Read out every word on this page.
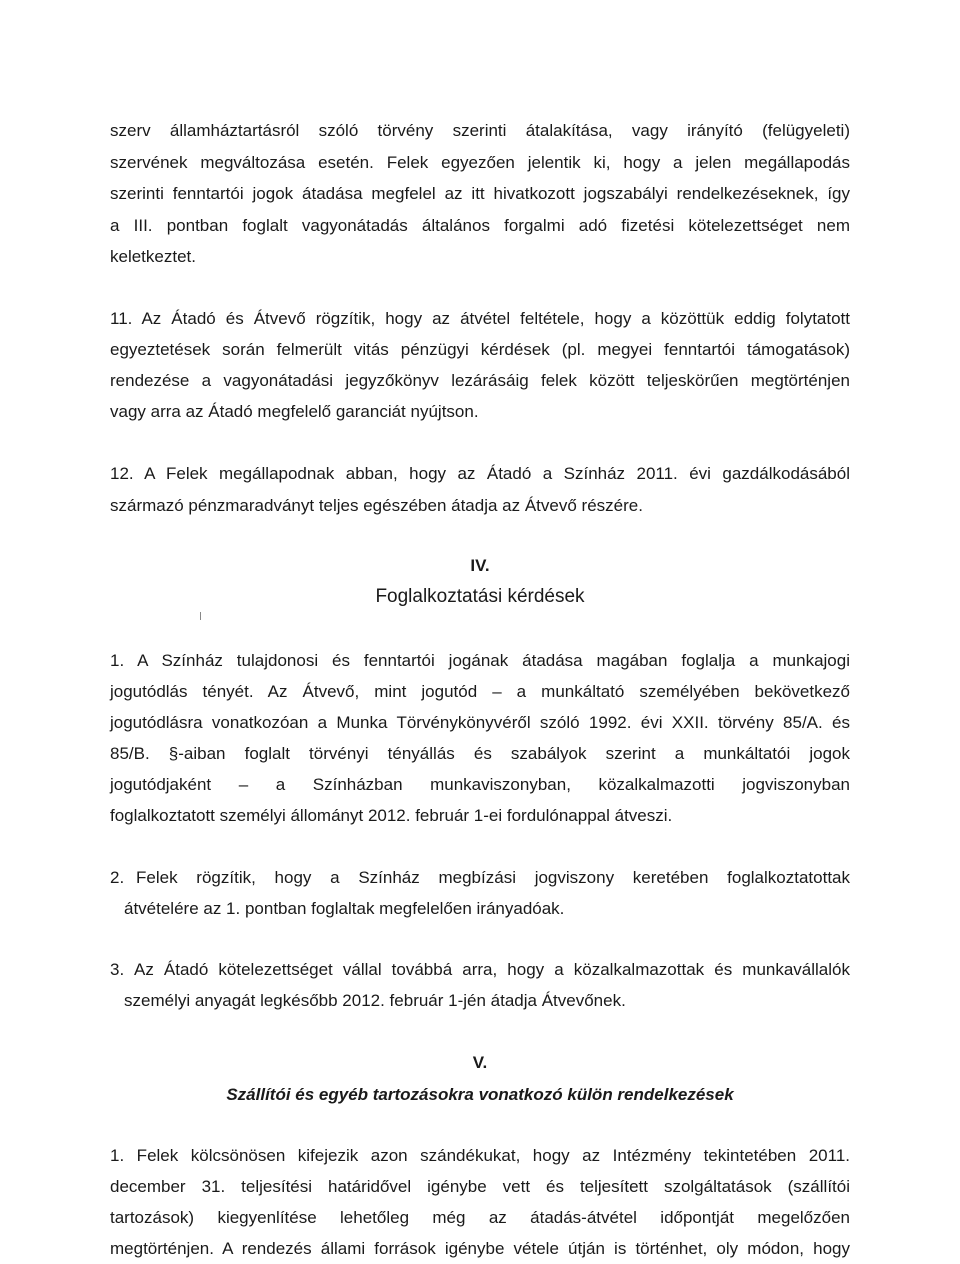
szerv államháztartásról szóló törvény szerinti átalakítása, vagy irányító (felügyeleti)
szervének megváltozása esetén. Felek egyezően jelentik ki, hogy a jelen megállapodás
szerinti fenntartói jogok átadása megfelel az itt hivatkozott jogszabályi rendelkezéseknek, így
a III. pontban foglalt vagyonátadás általános forgalmi adó fizetési kötelezettséget nem
keletkeztet.
11. Az Átadó és Átvevő rögzítik, hogy az átvétel feltétele, hogy a közöttük eddig folytatott
egyeztetések során felmerült vitás pénzügyi kérdések (pl. megyei fenntartói támogatások)
rendezése a vagyonátadási jegyzőkönyv lezárásáig felek között teljeskörűen megtörténjen
vagy arra az Átadó megfelelő garanciát nyújtson.
12. A Felek megállapodnak abban, hogy az Átadó a Színház 2011. évi gazdálkodásából
származó pénzmaradványt teljes egészében átadja az Átvevő részére.
IV.
Foglalkoztatási kérdések
1. A Színház tulajdonosi és fenntartói jogának átadása magában foglalja a munkajogi
jogutódlás tényét. Az Átvevő, mint jogutód – a munkáltató személyében bekövetkező
jogutódlásra vonatkozóan a Munka Törvénykönyvéről szóló 1992. évi XXII. törvény 85/A. és
85/B. §-aiban foglalt törvényi tényállás és szabályok szerint a munkáltatói jogok
jogutódjaként – a Színházban munkaviszonyban, közalkalmazotti jogviszonyban
foglalkoztatott személyi állományt 2012. február 1-ei fordulónappal átveszi.
2. Felek rögzítik, hogy a Színház megbízási jogviszony keretében foglalkoztatottak
átvételére az 1. pontban foglaltak megfelelően irányadóak.
3. Az Átadó kötelezettséget vállal továbbá arra, hogy a közalkalmazottak és munkavállalók
személyi anyagát legkésőbb 2012. február 1-jén átadja Átvevőnek.
V.
Szállítói és egyéb tartozásokra vonatkozó külön rendelkezések
1. Felek kölcsönösen kifejezik azon szándékukat, hogy az Intézmény tekintetében 2011.
december 31. teljesítési határidővel igénybe vett és teljesített szolgáltatások (szállítói
tartozások) kiegyenlítése lehetőleg még az átadás-átvétel időpontját megelőzően
megtörténjen. A rendezés állami források igénybe vétele útján is történhet, oly módon, hogy
